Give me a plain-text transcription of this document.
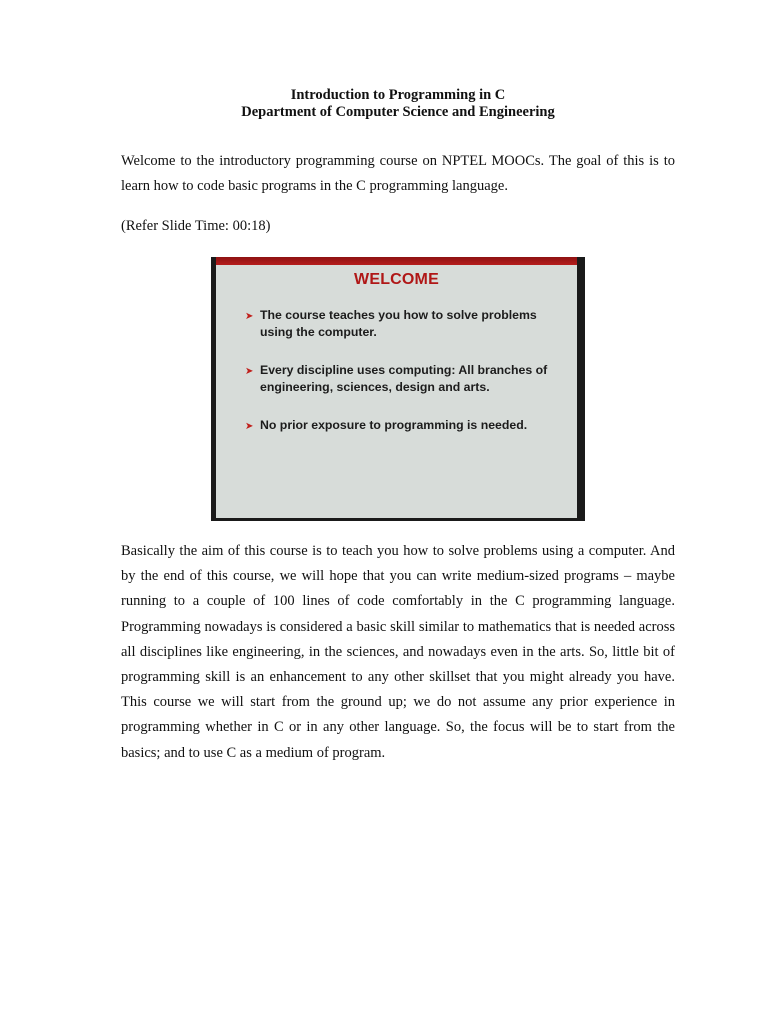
Introduction to Programming in C
Department of Computer Science and Engineering

Welcome to the introductory programming course on NPTEL MOOCs. The goal of this is to learn how to code basic programs in the C programming language.

(Refer Slide Time: 00:18)

WELCOME
➤ The course teaches you how to solve problems
using the computer.
➤ Every discipline uses computing: All branches of
engineering, sciences, design and arts.
➤ No prior exposure to programming is needed.

Basically the aim of this course is to teach you how to solve problems using a computer. And by the end of this course, we will hope that you can write medium-sized programs – maybe running to a couple of 100 lines of code comfortably in the C programming language. Programming nowadays is considered a basic skill similar to mathematics that is needed across all disciplines like engineering, in the sciences, and nowadays even in the arts. So, little bit of programming skill is an enhancement to any other skillset that you might already you have. This course we will start from the ground up; we do not assume any prior experience in programming whether in C or in any other language. So, the focus will be to start from the basics; and to use C as a medium of program.
